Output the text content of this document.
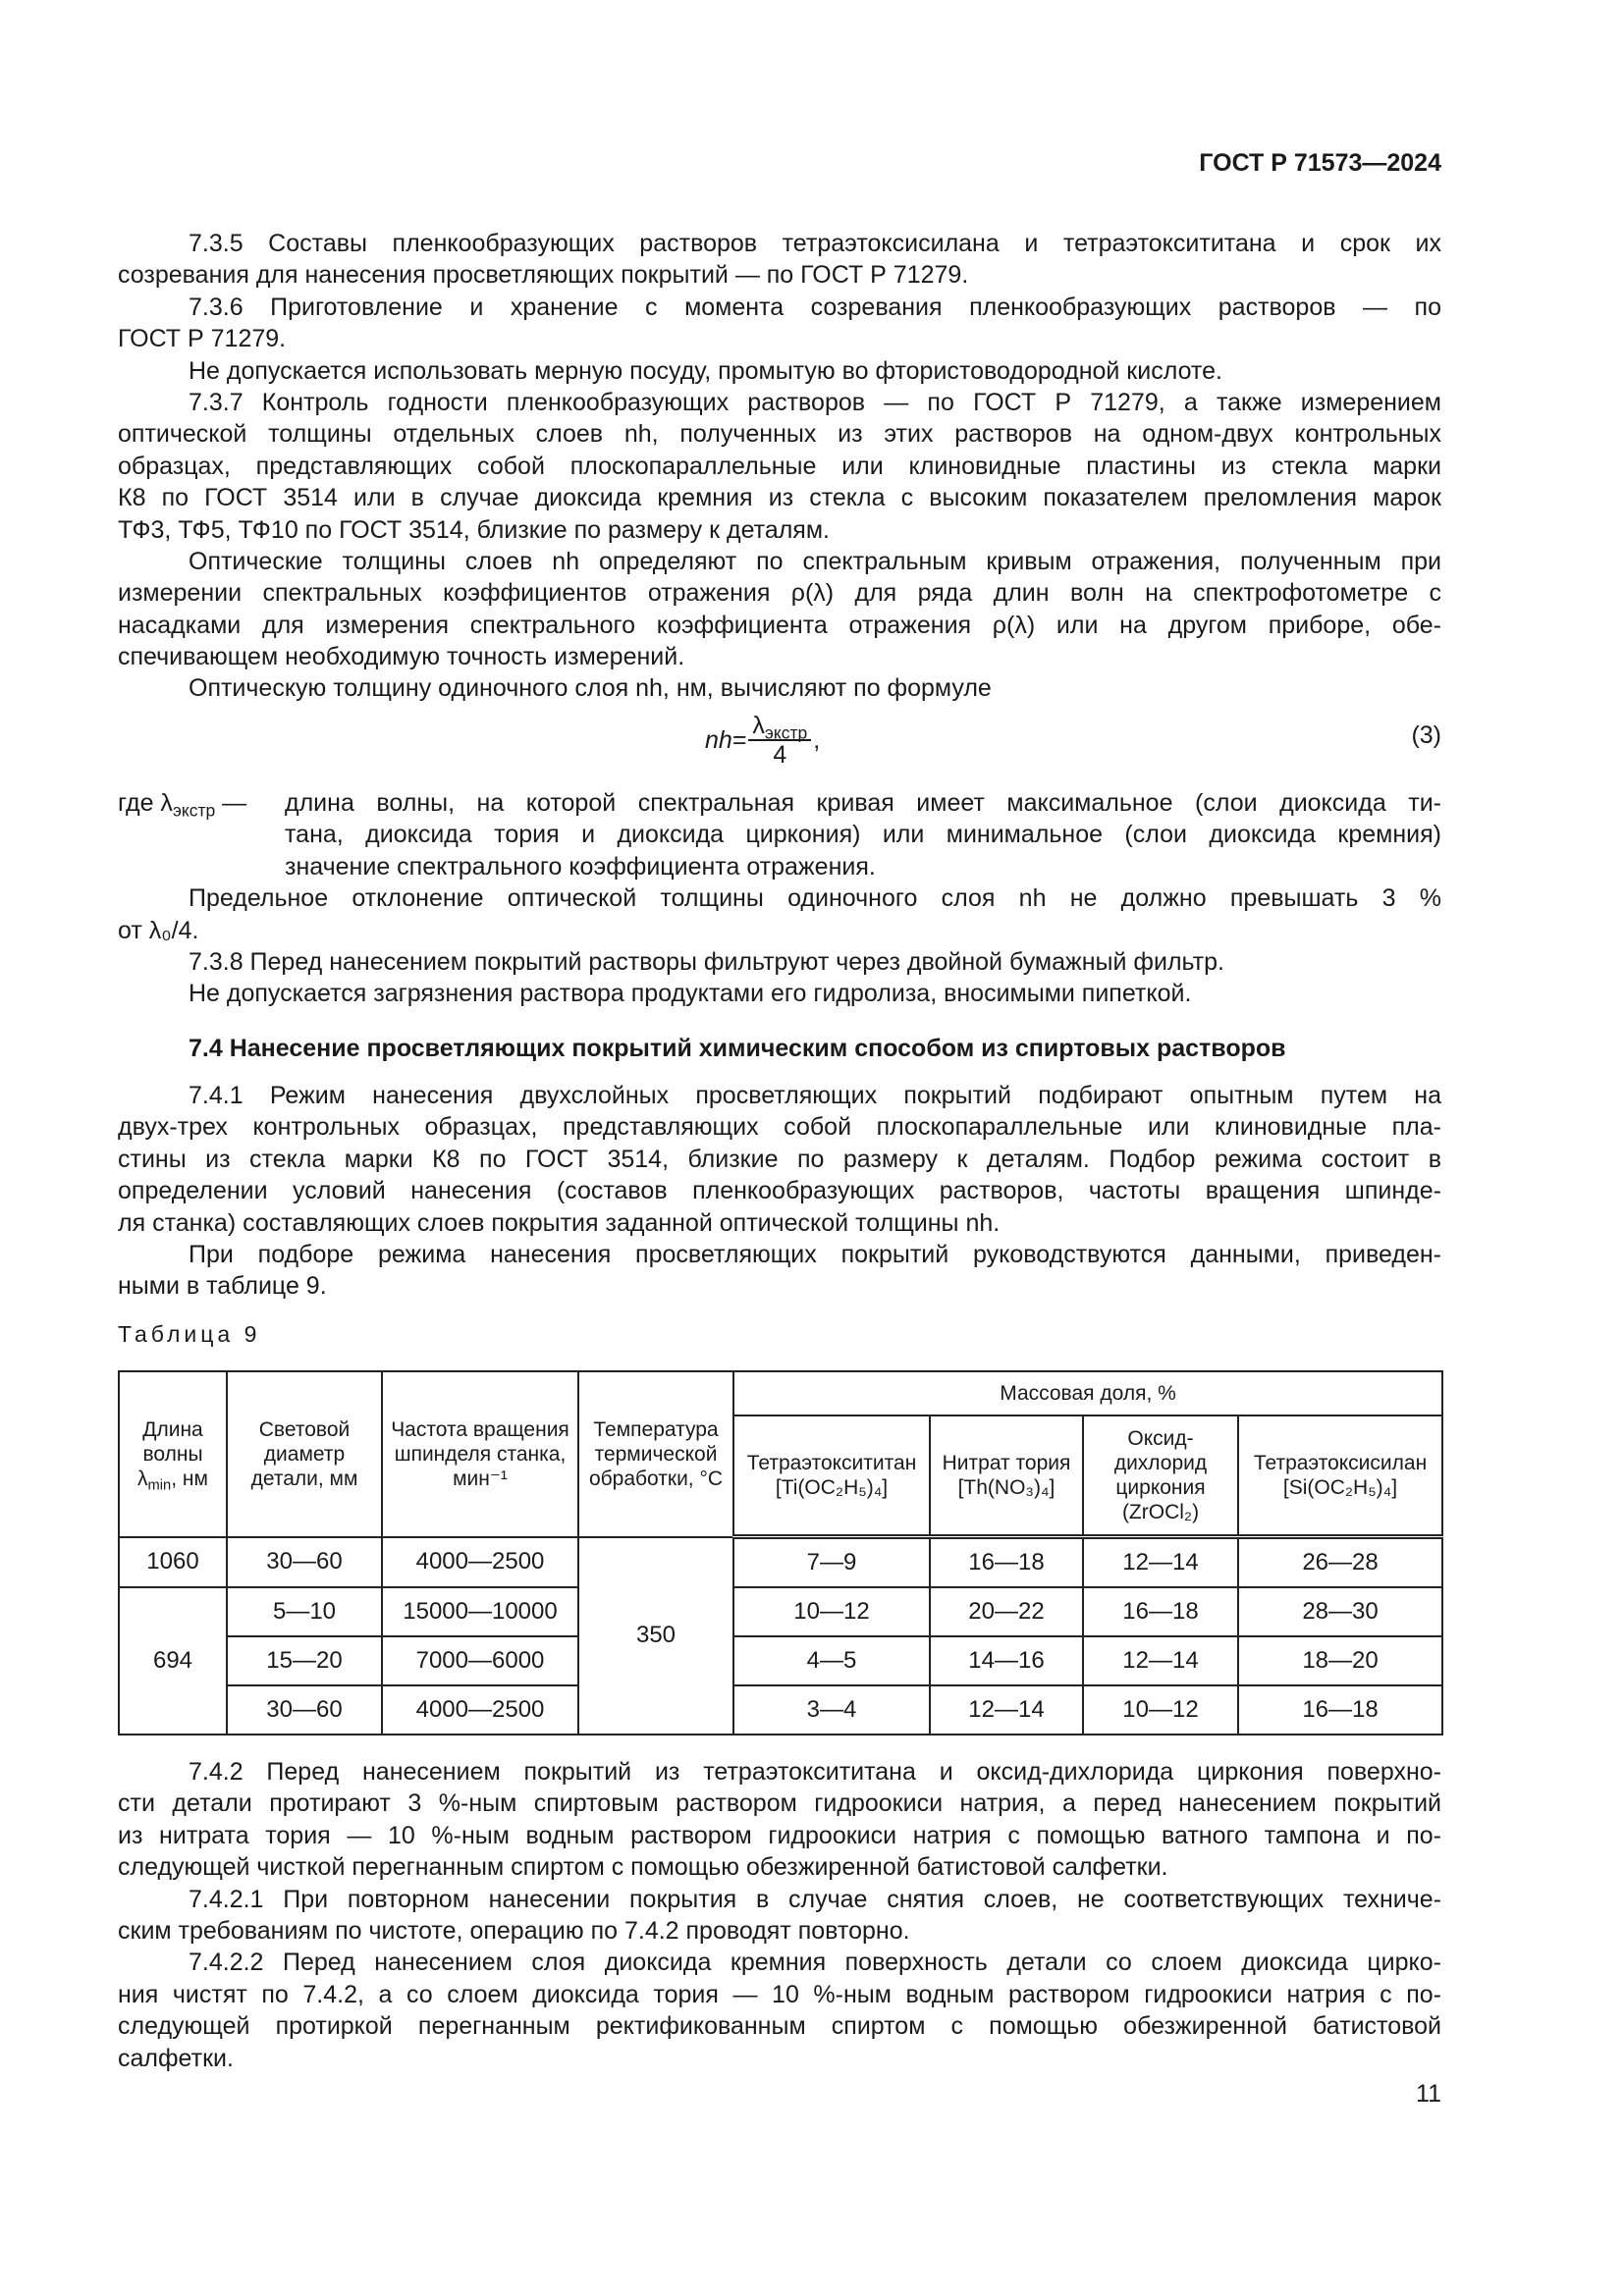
ГОСТ Р 71573—2024
7.3.5 Составы пленкообразующих растворов тетраэтоксисилана и тетраэтоксититана и срок их
созревания для нанесения просветляющих покрытий — по ГОСТ Р 71279.
7.3.6 Приготовление и хранение с момента созревания пленкообразующих растворов — по
ГОСТ Р 71279.
Не допускается использовать мерную посуду, промытую во фтористоводородной кислоте.
7.3.7 Контроль годности пленкообразующих растворов — по ГОСТ Р 71279, а также измерением
оптической толщины отдельных слоев nh, полученных из этих растворов на одном-двух контрольных
образцах, представляющих собой плоскопараллельные или клиновидные пластины из стекла марки
К8 по ГОСТ 3514 или в случае диоксида кремния из стекла с высоким показателем преломления марок
ТФ3, ТФ5, ТФ10 по ГОСТ 3514, близкие по размеру к деталям.
Оптические толщины слоев nh определяют по спектральным кривым отражения, полученным при
измерении спектральных коэффициентов отражения ρ(λ) для ряда длин волн на спектрофотометре с
насадками для измерения спектрального коэффициента отражения ρ(λ) или на другом приборе, обе-
спечивающем необходимую точность измерений.
Оптическую толщину одиночного слоя nh, нм, вычисляют по формуле
nh = $\frac{\lambda_{экстр}}{4}$ ,	(3)
где $\lambda_{экстр}$ —	длина волны, на которой спектральная кривая имеет максимальное (слои диоксида ти-
тана, диоксида тория и диоксида циркония) или минимальное (слои диоксида кремния)
значение спектрального коэффициента отражения.
Предельное отклонение оптической толщины одиночного слоя nh не должно превышать 3 %
от λ₀/4.
7.3.8 Перед нанесением покрытий растворы фильтруют через двойной бумажный фильтр.
Не допускается загрязнения раствора продуктами его гидролиза, вносимыми пипеткой.
7.4 Нанесение просветляющих покрытий химическим способом из спиртовых растворов
7.4.1 Режим нанесения двухслойных просветляющих покрытий подбирают опытным путем на
двух-трех контрольных образцах, представляющих собой плоскопараллельные или клиновидные пла-
стины из стекла марки К8 по ГОСТ 3514, близкие по размеру к деталям. Подбор режима состоит в
определении условий нанесения (составов пленкообразующих растворов, частоты вращения шпинде-
ля станка) составляющих слоев покрытия заданной оптической толщины nh.
При подборе режима нанесения просветляющих покрытий руководствуются данными, приведен-
ными в таблице 9.
Таблица 9
Длина
волны
$\lambda_{min}$, нм	Световой диаметр детали, мм	Частота вращения шпинделя станка, мин⁻¹	Температура термической обработки, °С	Массовая доля, %			
				Тетраэтоксититан [Ti(OC₂H₅)₄]	Нитрат тория [Th(NO₃)₄]	Оксид-дихлорид циркония (ZrOCl₂)	Тетраэтоксисилан [Si(OC₂H₅)₄]
1060	30—60	4000—2500	350	7—9	16—18	12—14	26—28
694	5—10	15000—10000		10—12	20—22	16—18	28—30
	15—20	7000—6000		4—5	14—16	12—14	18—20
	30—60	4000—2500		3—4	12—14	10—12	16—18
7.4.2 Перед нанесением покрытий из тетраэтоксититана и оксид-дихлорида циркония поверхно-
сти детали протирают 3 %-ным спиртовым раствором гидроокиси натрия, а перед нанесением покрытий
из нитрата тория — 10 %-ным водным раствором гидроокиси натрия с помощью ватного тампона и по-
следующей чисткой перегнанным спиртом с помощью обезжиренной батистовой салфетки.
7.4.2.1 При повторном нанесении покрытия в случае снятия слоев, не соответствующих техниче-
ским требованиям по чистоте, операцию по 7.4.2 проводят повторно.
7.4.2.2 Перед нанесением слоя диоксида кремния поверхность детали со слоем диоксида цирко-
ния чистят по 7.4.2, а со слоем диоксида тория — 10 %-ным водным раствором гидроокиси натрия с по-
следующей протиркой перегнанным ректификованным спиртом с помощью обезжиренной батистовой
салфетки.
11
